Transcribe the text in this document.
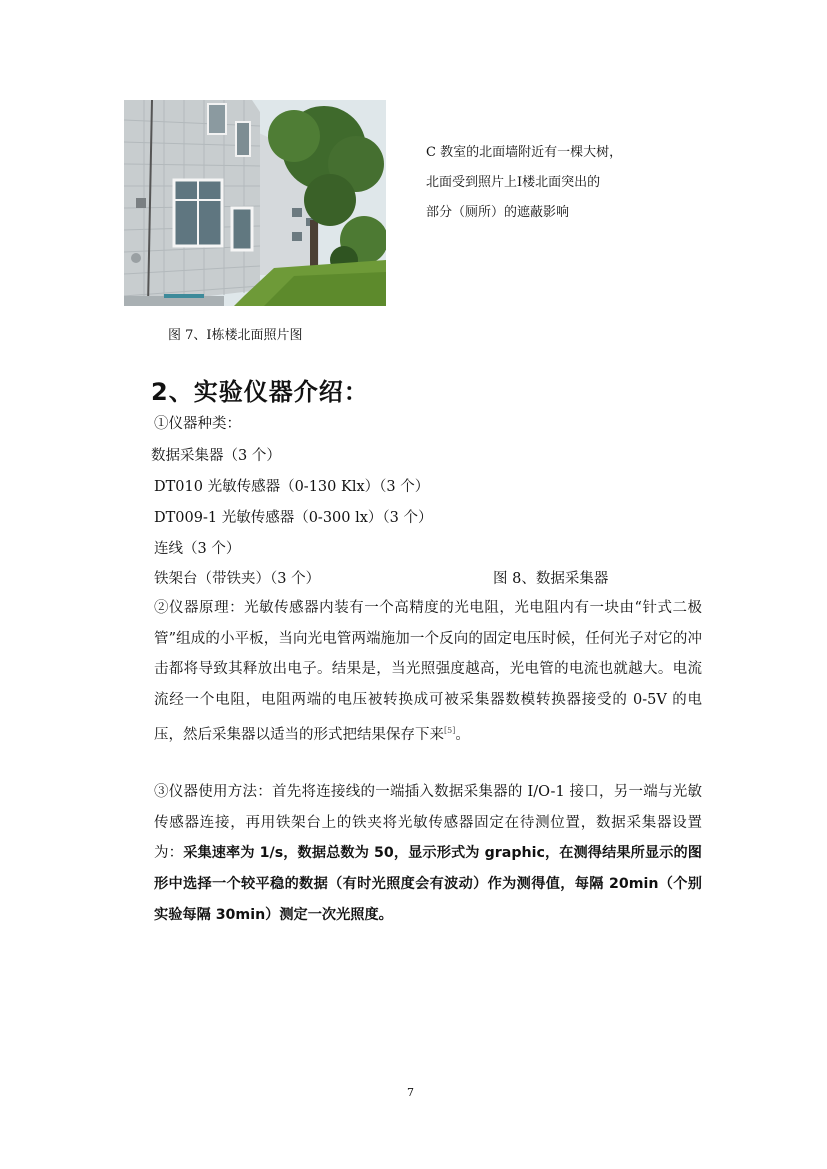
C 教室的北面墙附近有一棵大树，
北面受到照片上Ⅰ楼北面突出的
部分（厕所）的遮蔽影响
图 7、Ⅰ栋楼北面照片图
2、实验仪器介绍：
①仪器种类：
数据采集器（3 个）
DT010 光敏传感器（0-130 Klx）（3 个）
DT009-1 光敏传感器（0-300 lx）（3 个）
连线（3 个）
铁架台（带铁夹）（3 个）	图 8、数据采集器
②仪器原理：光敏传感器内装有一个高精度的光电阻，光电阻内有一块由“针式二极管”组成的小平板，当向光电管两端施加一个反向的固定电压时候，任何光子对它的冲击都将导致其释放出电子。结果是，当光照强度越高，光电管的电流也就越大。电流流经一个电阻，电阻两端的电压被转换成可被采集器数模转换器接受的 0-5V 的电压，然后采集器以适当的形式把结果保存下来[5]。
③仪器使用方法：首先将连接线的一端插入数据采集器的 I/O-1 接口，另一端与光敏传感器连接，再用铁架台上的铁夹将光敏传感器固定在待测位置，数据采集器设置为：采集速率为 1/s，数据总数为 50，显示形式为 graphic，在测得结果所显示的图形中选择一个较平稳的数据（有时光照度会有波动）作为测得值，每隔 20min（个别实验每隔 30min）测定一次光照度。
7
